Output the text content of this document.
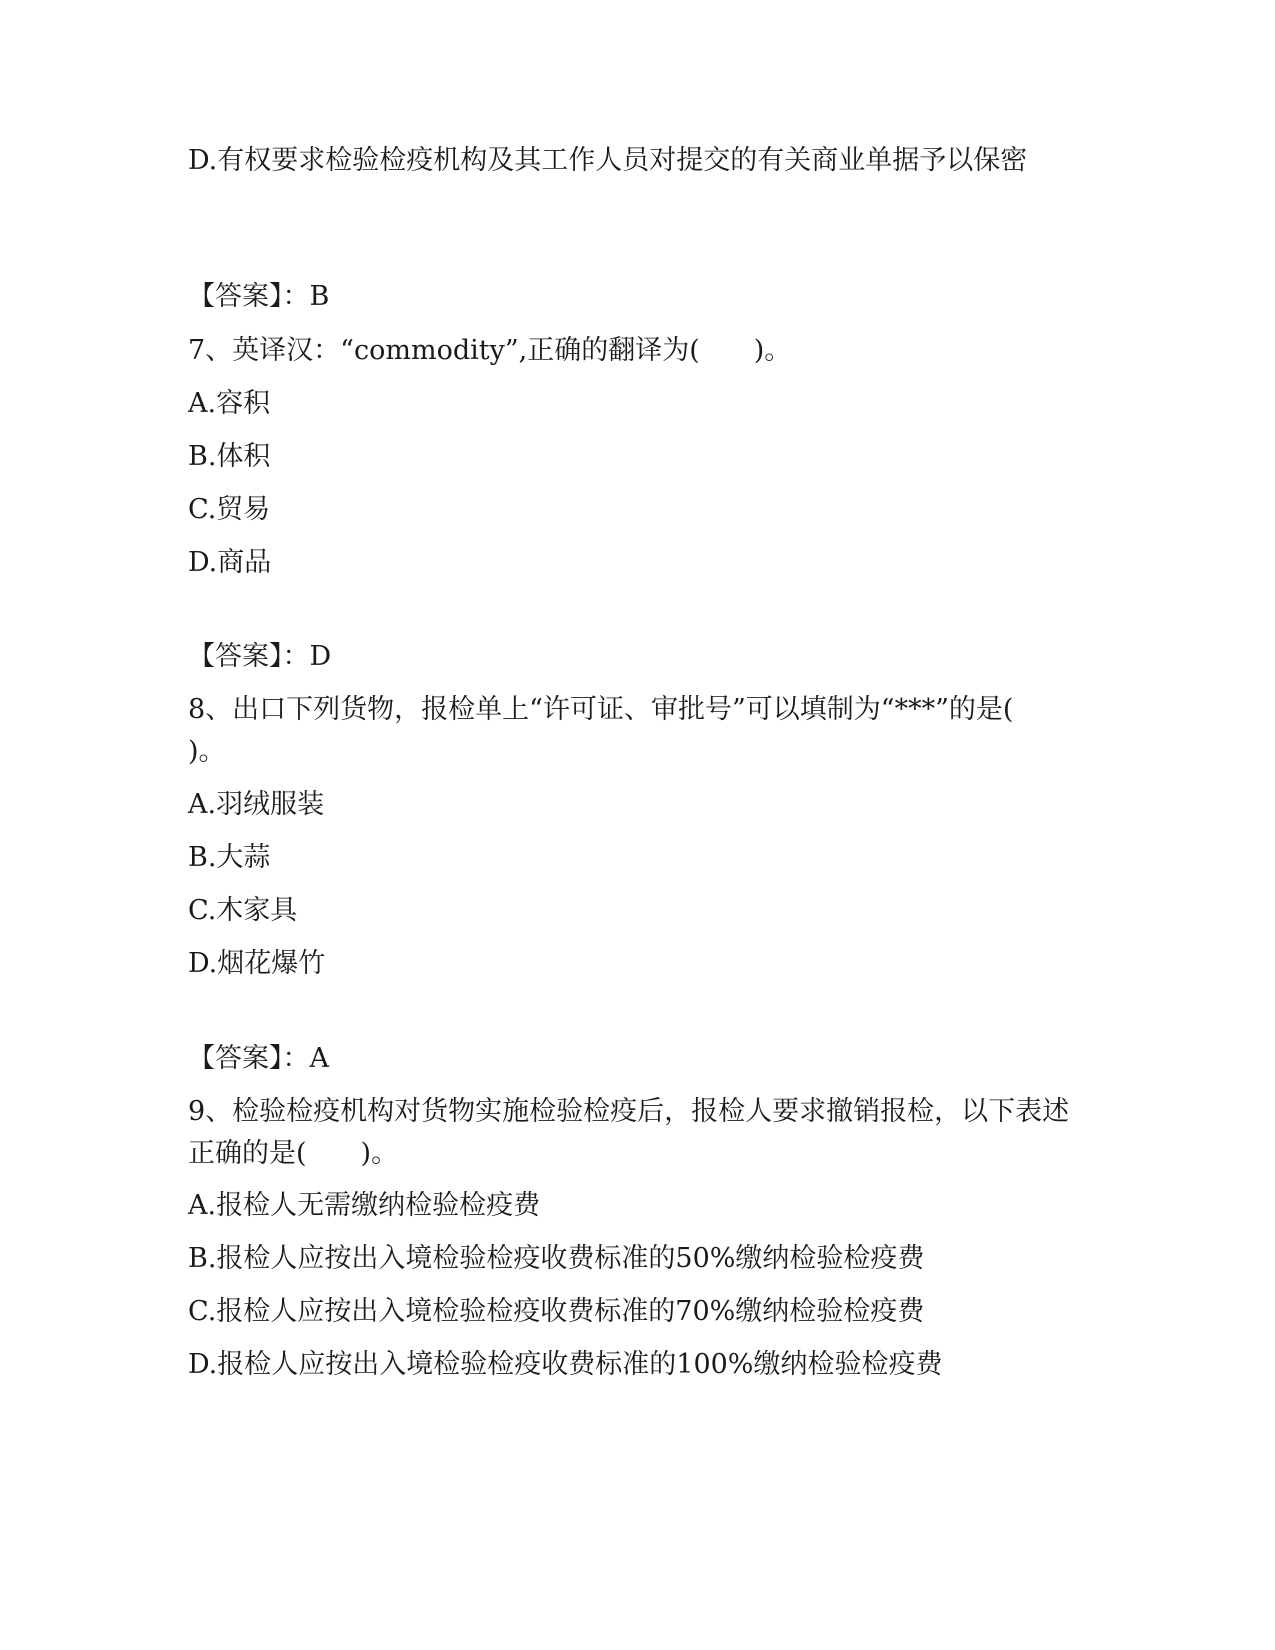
D.有权要求检验检疫机构及其工作人员对提交的有关商业单据予以保密
【答案】：B
7、英译汉：“commodity”,正确的翻译为(　　)。
A.容积
B.体积
C.贸易
D.商品
【答案】：D
8、出口下列货物，报检单上“许可证、审批号”可以填制为“***”的是(　　)。
A.羽绒服装
B.大蒜
C.木家具
D.烟花爆竹
【答案】：A
9、检验检疫机构对货物实施检验检疫后，报检人要求撤销报检，以下表述正确的是(　　)。
A.报检人无需缴纳检验检疫费
B.报检人应按出入境检验检疫收费标准的50%缴纳检验检疫费
C.报检人应按出入境检验检疫收费标准的70%缴纳检验检疫费
D.报检人应按出入境检验检疫收费标准的100%缴纳检验检疫费
